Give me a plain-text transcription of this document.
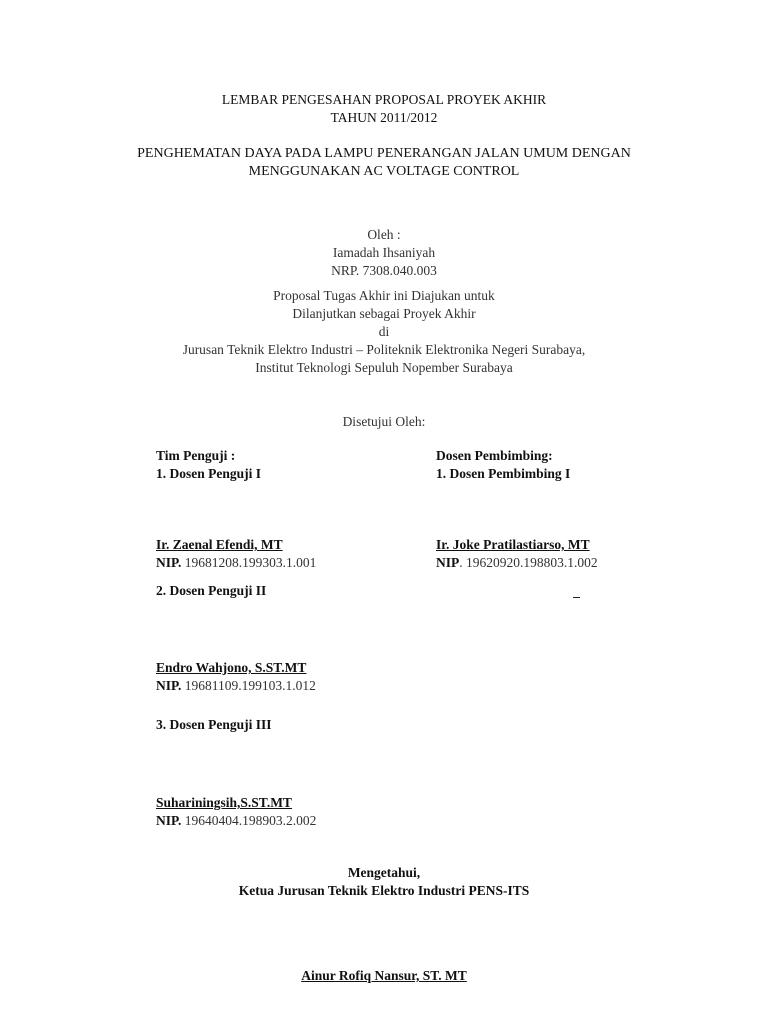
LEMBAR PENGESAHAN PROPOSAL PROYEK AKHIR
TAHUN 2011/2012
PENGHEMATAN DAYA PADA LAMPU PENERANGAN JALAN UMUM DENGAN
MENGGUNAKAN AC VOLTAGE CONTROL
Oleh :
Iamadah Ihsaniyah
NRP. 7308.040.003
Proposal Tugas Akhir ini Diajukan untuk
Dilanjutkan sebagai Proyek Akhir
di
Jurusan Teknik Elektro Industri – Politeknik Elektronika Negeri Surabaya,
Institut Teknologi Sepuluh Nopember Surabaya
Disetujui Oleh:
Tim Penguji :
1. Dosen Penguji I
Ir. Zaenal Efendi, MT
NIP. 19681208.199303.1.001
2. Dosen Penguji II
Endro Wahjono, S.ST.MT
NIP. 19681109.199103.1.012
3. Dosen Penguji III
Suhariningsih,S.ST.MT
NIP. 19640404.198903.2.002
Dosen Pembimbing:
1. Dosen Pembimbing I
Ir. Joke Pratilastiarso, MT
NIP. 19620920.198803.1.002
Mengetahui,
Ketua Jurusan Teknik Elektro Industri PENS-ITS
Ainur Rofiq Nansur, ST. MT
